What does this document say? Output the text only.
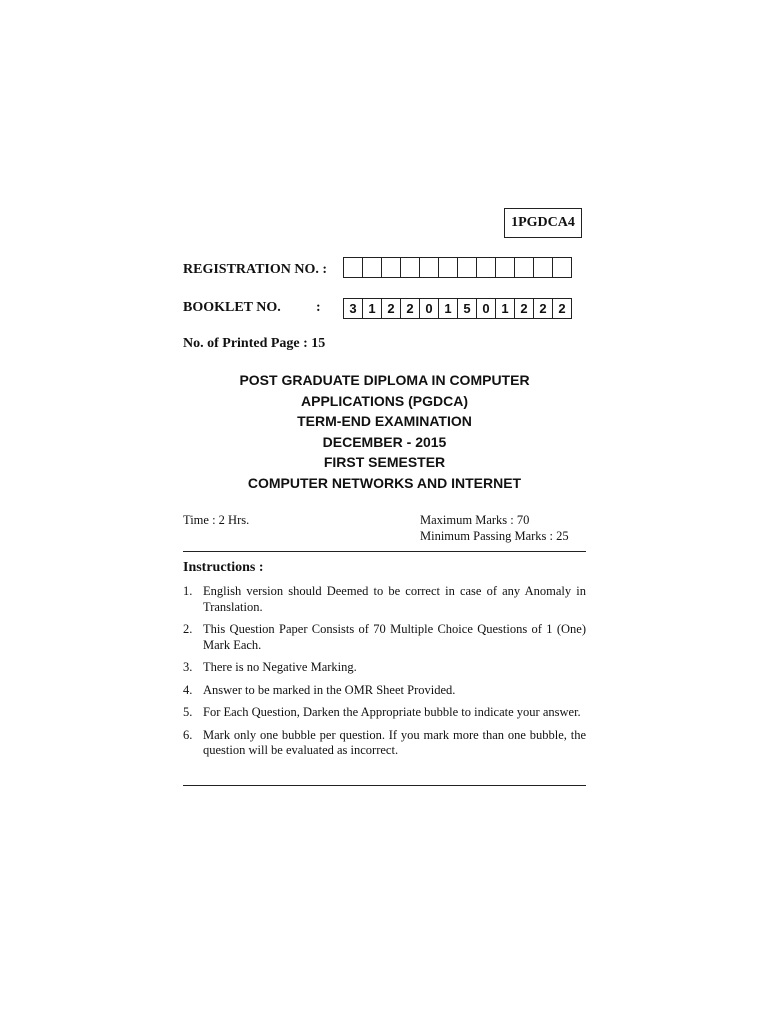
1PGDCA4
REGISTRATION NO. :
BOOKLET NO.	:	3 1 2 2 0 1 5 0 1 2 2 2
No. of Printed Page : 15
POST GRADUATE DIPLOMA IN COMPUTER
APPLICATIONS (PGDCA)
TERM-END EXAMINATION
DECEMBER - 2015
FIRST SEMESTER
COMPUTER NETWORKS AND INTERNET
Time : 2 Hrs.	Maximum Marks : 70
Minimum Passing Marks : 25
Instructions :
1. English version should Deemed to be correct in case of any Anomaly in Translation.
2. This Question Paper Consists of 70 Multiple Choice Questions of 1 (One) Mark Each.
3. There is no Negative Marking.
4. Answer to be marked in the OMR Sheet Provided.
5. For Each Question, Darken the Appropriate bubble to indicate your answer.
6. Mark only one bubble per question. If you mark more than one bubble, the question will be evaluated as incorrect.
